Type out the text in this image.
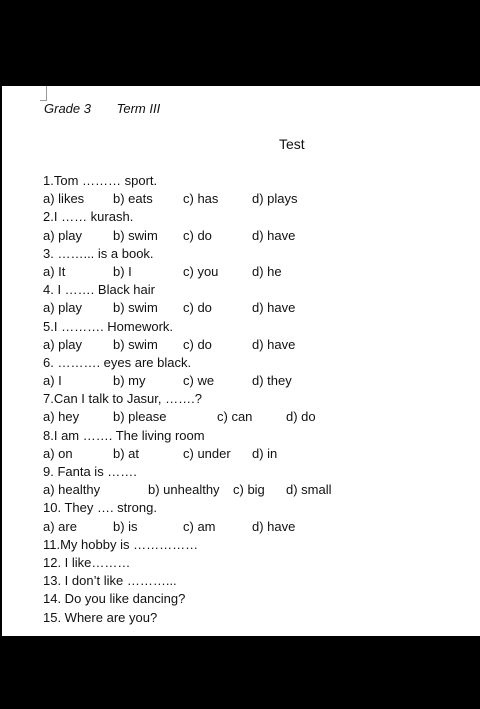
Grade 3 Term III
Test
1.Tom ……… sport.
a) likes b) eats c) has	d) plays
2.I …… kurash.
a) play b) swim c) do	d) have
3. ……... is a book.
a) It	b) I	c) you	d) he
4. I ……. Black hair
a) play b) swim c) do	d) have
5.I ………. Homework.
a) play b) swim c) do	d) have
6. ………. eyes are black.
a) I	b) my	c) we	d) they
7.Can I talk to Jasur, …….?
a) hey	b) please	c) can	d) do
8.I am ……. The living room
a) on	b) at	c) under d) in
9. Fanta is …….
a) healthy	b) unhealthy c) big d) small
10. They …. strong.
a) are	b) is	c) am	d) have
11.My hobby is ……………
12. I like………
13. I don’t like ………...
14. Do you like dancing?
15. Where are you?
